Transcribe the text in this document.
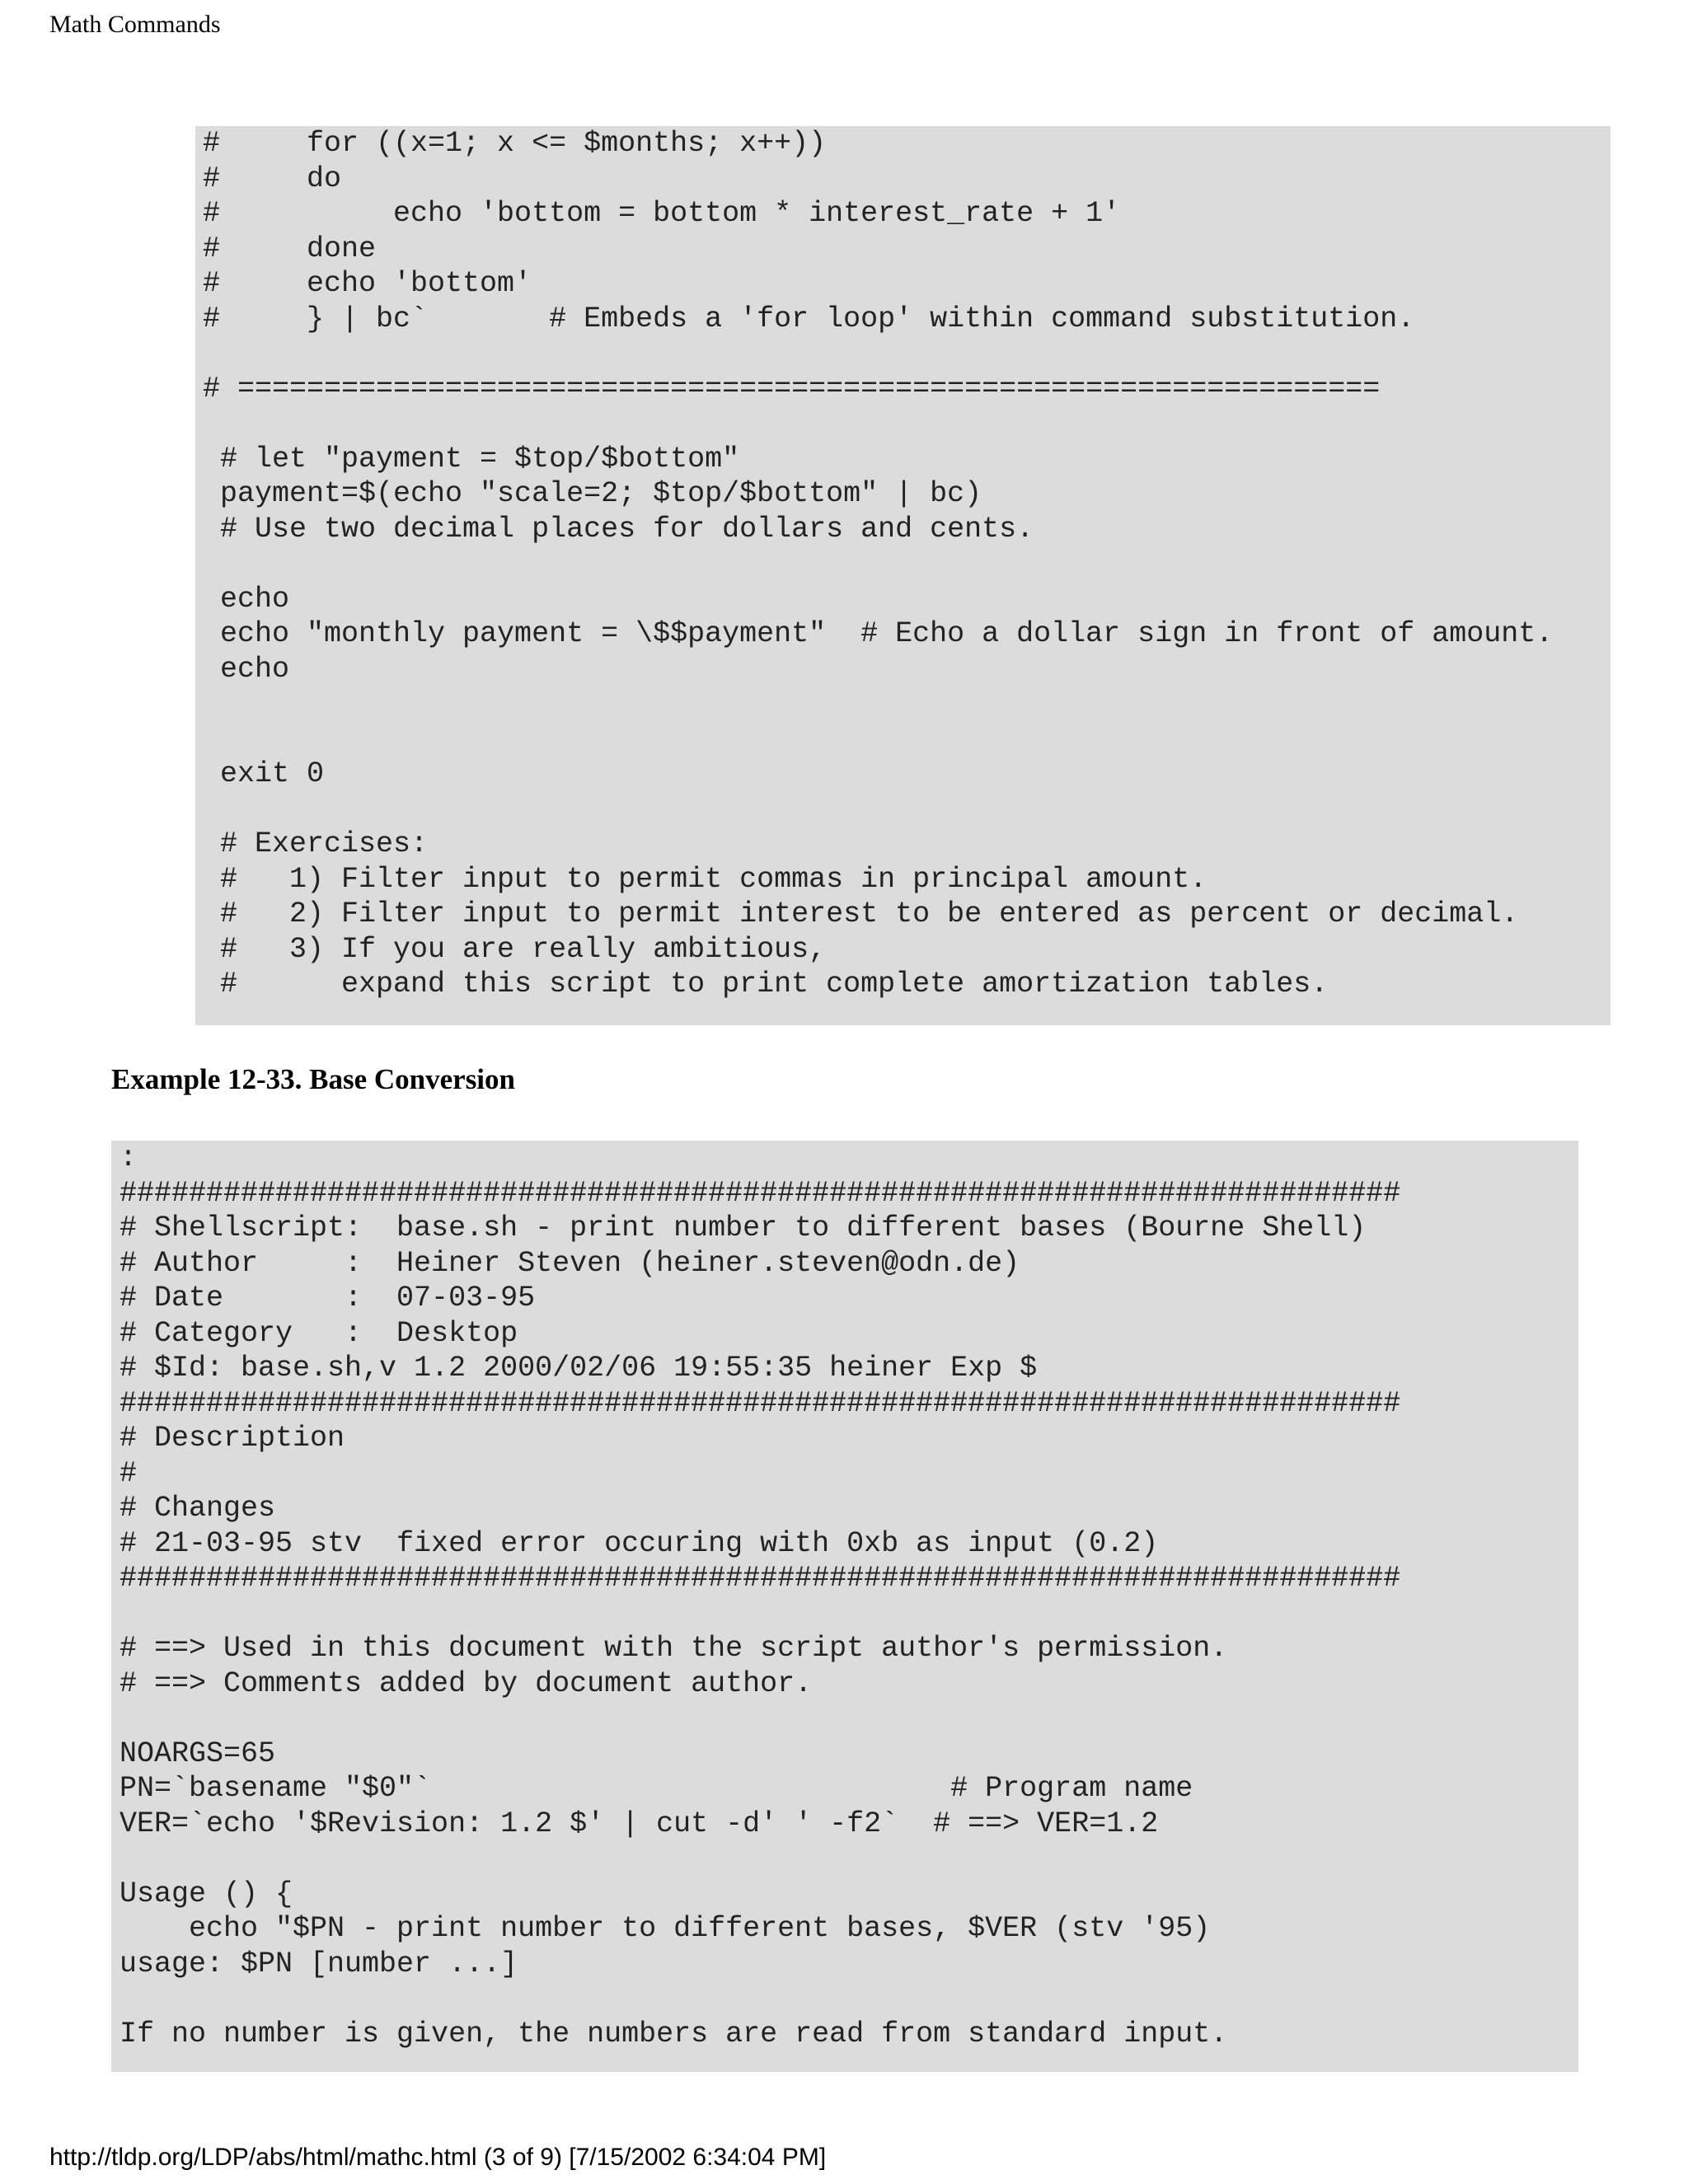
Math Commands
#     for ((x=1; x <= $months; x++))
#     do
#          echo 'bottom = bottom * interest_rate + 1'
#     done
#     echo 'bottom'
#     } | bc`       # Embeds a 'for loop' within command substitution.

# ==================================================================

# let "payment = $top/$bottom"
payment=$(echo "scale=2; $top/$bottom" | bc)
# Use two decimal places for dollars and cents.

echo
echo "monthly payment = \$$payment"  # Echo a dollar sign in front of amount.
echo

exit 0

# Exercises:
#   1) Filter input to permit commas in principal amount.
#   2) Filter input to permit interest to be entered as percent or decimal.
#   3) If you are really ambitious,
#      expand this script to print complete amortization tables.
Example 12-33. Base Conversion
:
##########################################################################
# Shellscript:  base.sh - print number to different bases (Bourne Shell)
# Author     :  Heiner Steven (heiner.steven@odn.de)
# Date       :  07-03-95
# Category   :  Desktop
# $Id: base.sh,v 1.2 2000/02/06 19:55:35 heiner Exp $
##########################################################################
# Description
#
# Changes
# 21-03-95 stv  fixed error occuring with 0xb as input (0.2)
##########################################################################

# ==> Used in this document with the script author's permission.
# ==> Comments added by document author.

NOARGS=65
PN=`basename "$0"`                              # Program name
VER=`echo '$Revision: 1.2 $' | cut -d' ' -f2`  # ==> VER=1.2

Usage () {
echo "$PN - print number to different bases, $VER (stv '95)
usage: $PN [number ...]

If no number is given, the numbers are read from standard input.

http://tldp.org/LDP/abs/html/mathc.html (3 of 9) [7/15/2002 6:34:04 PM]
